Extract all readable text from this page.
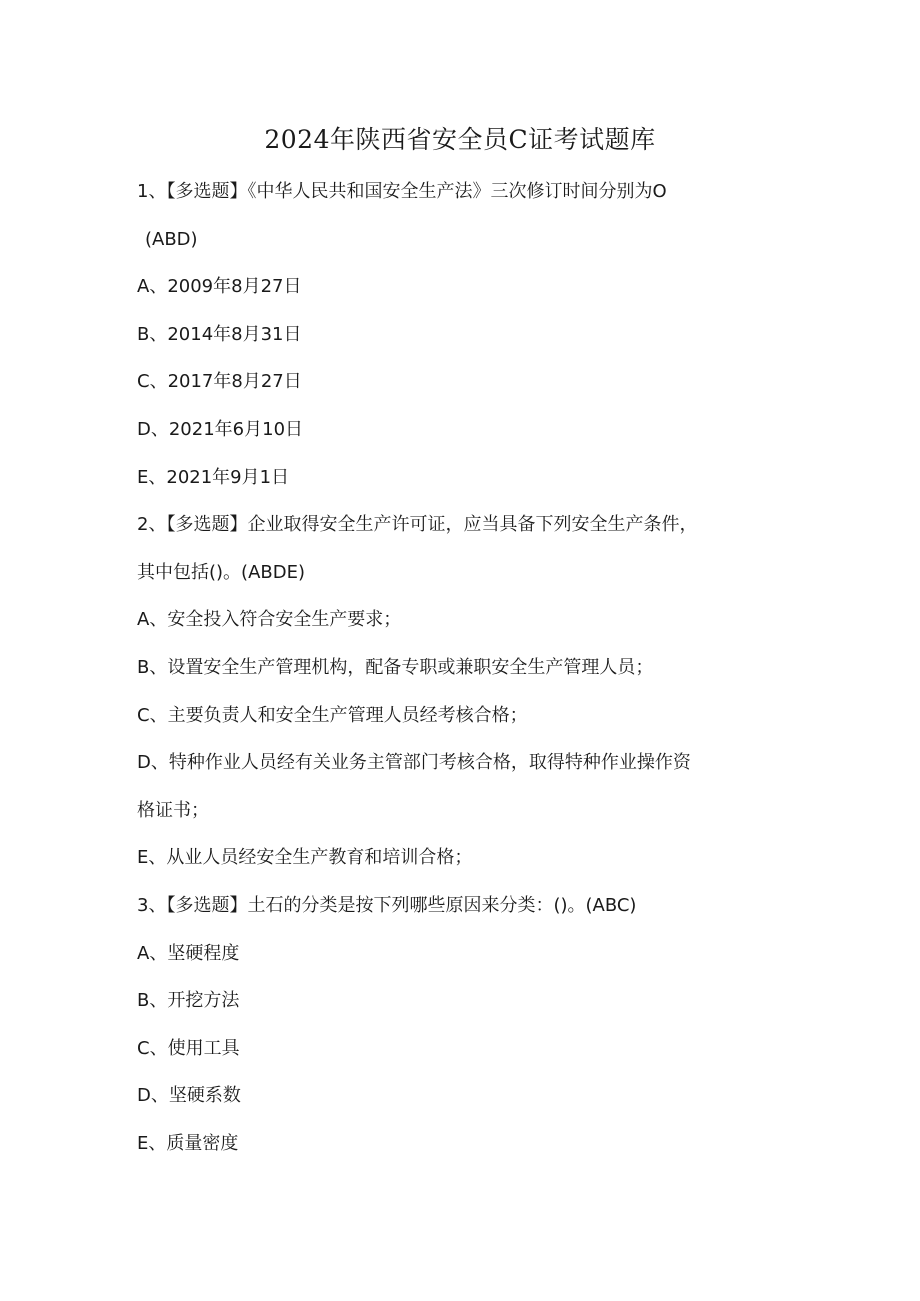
2024年陕西省安全员C证考试题库

1、【多选题】《中华人民共和国安全生产法》三次修订时间分别为O

(ABD)

A、2009年8月27日

B、2014年8月31日

C、2017年8月27日

D、2021年6月10日

E、2021年9月1日

2、【多选题】企业取得安全生产许可证，应当具备下列安全生产条件，

其中包括()。(ABDE)

A、安全投入符合安全生产要求；

B、设置安全生产管理机构，配备专职或兼职安全生产管理人员；

C、主要负责人和安全生产管理人员经考核合格；

D、特种作业人员经有关业务主管部门考核合格，取得特种作业操作资

格证书；

E、从业人员经安全生产教育和培训合格；

3、【多选题】土石的分类是按下列哪些原因来分类：()。(ABC)

A、坚硬程度

B、开挖方法

C、使用工具

D、坚硬系数

E、质量密度
